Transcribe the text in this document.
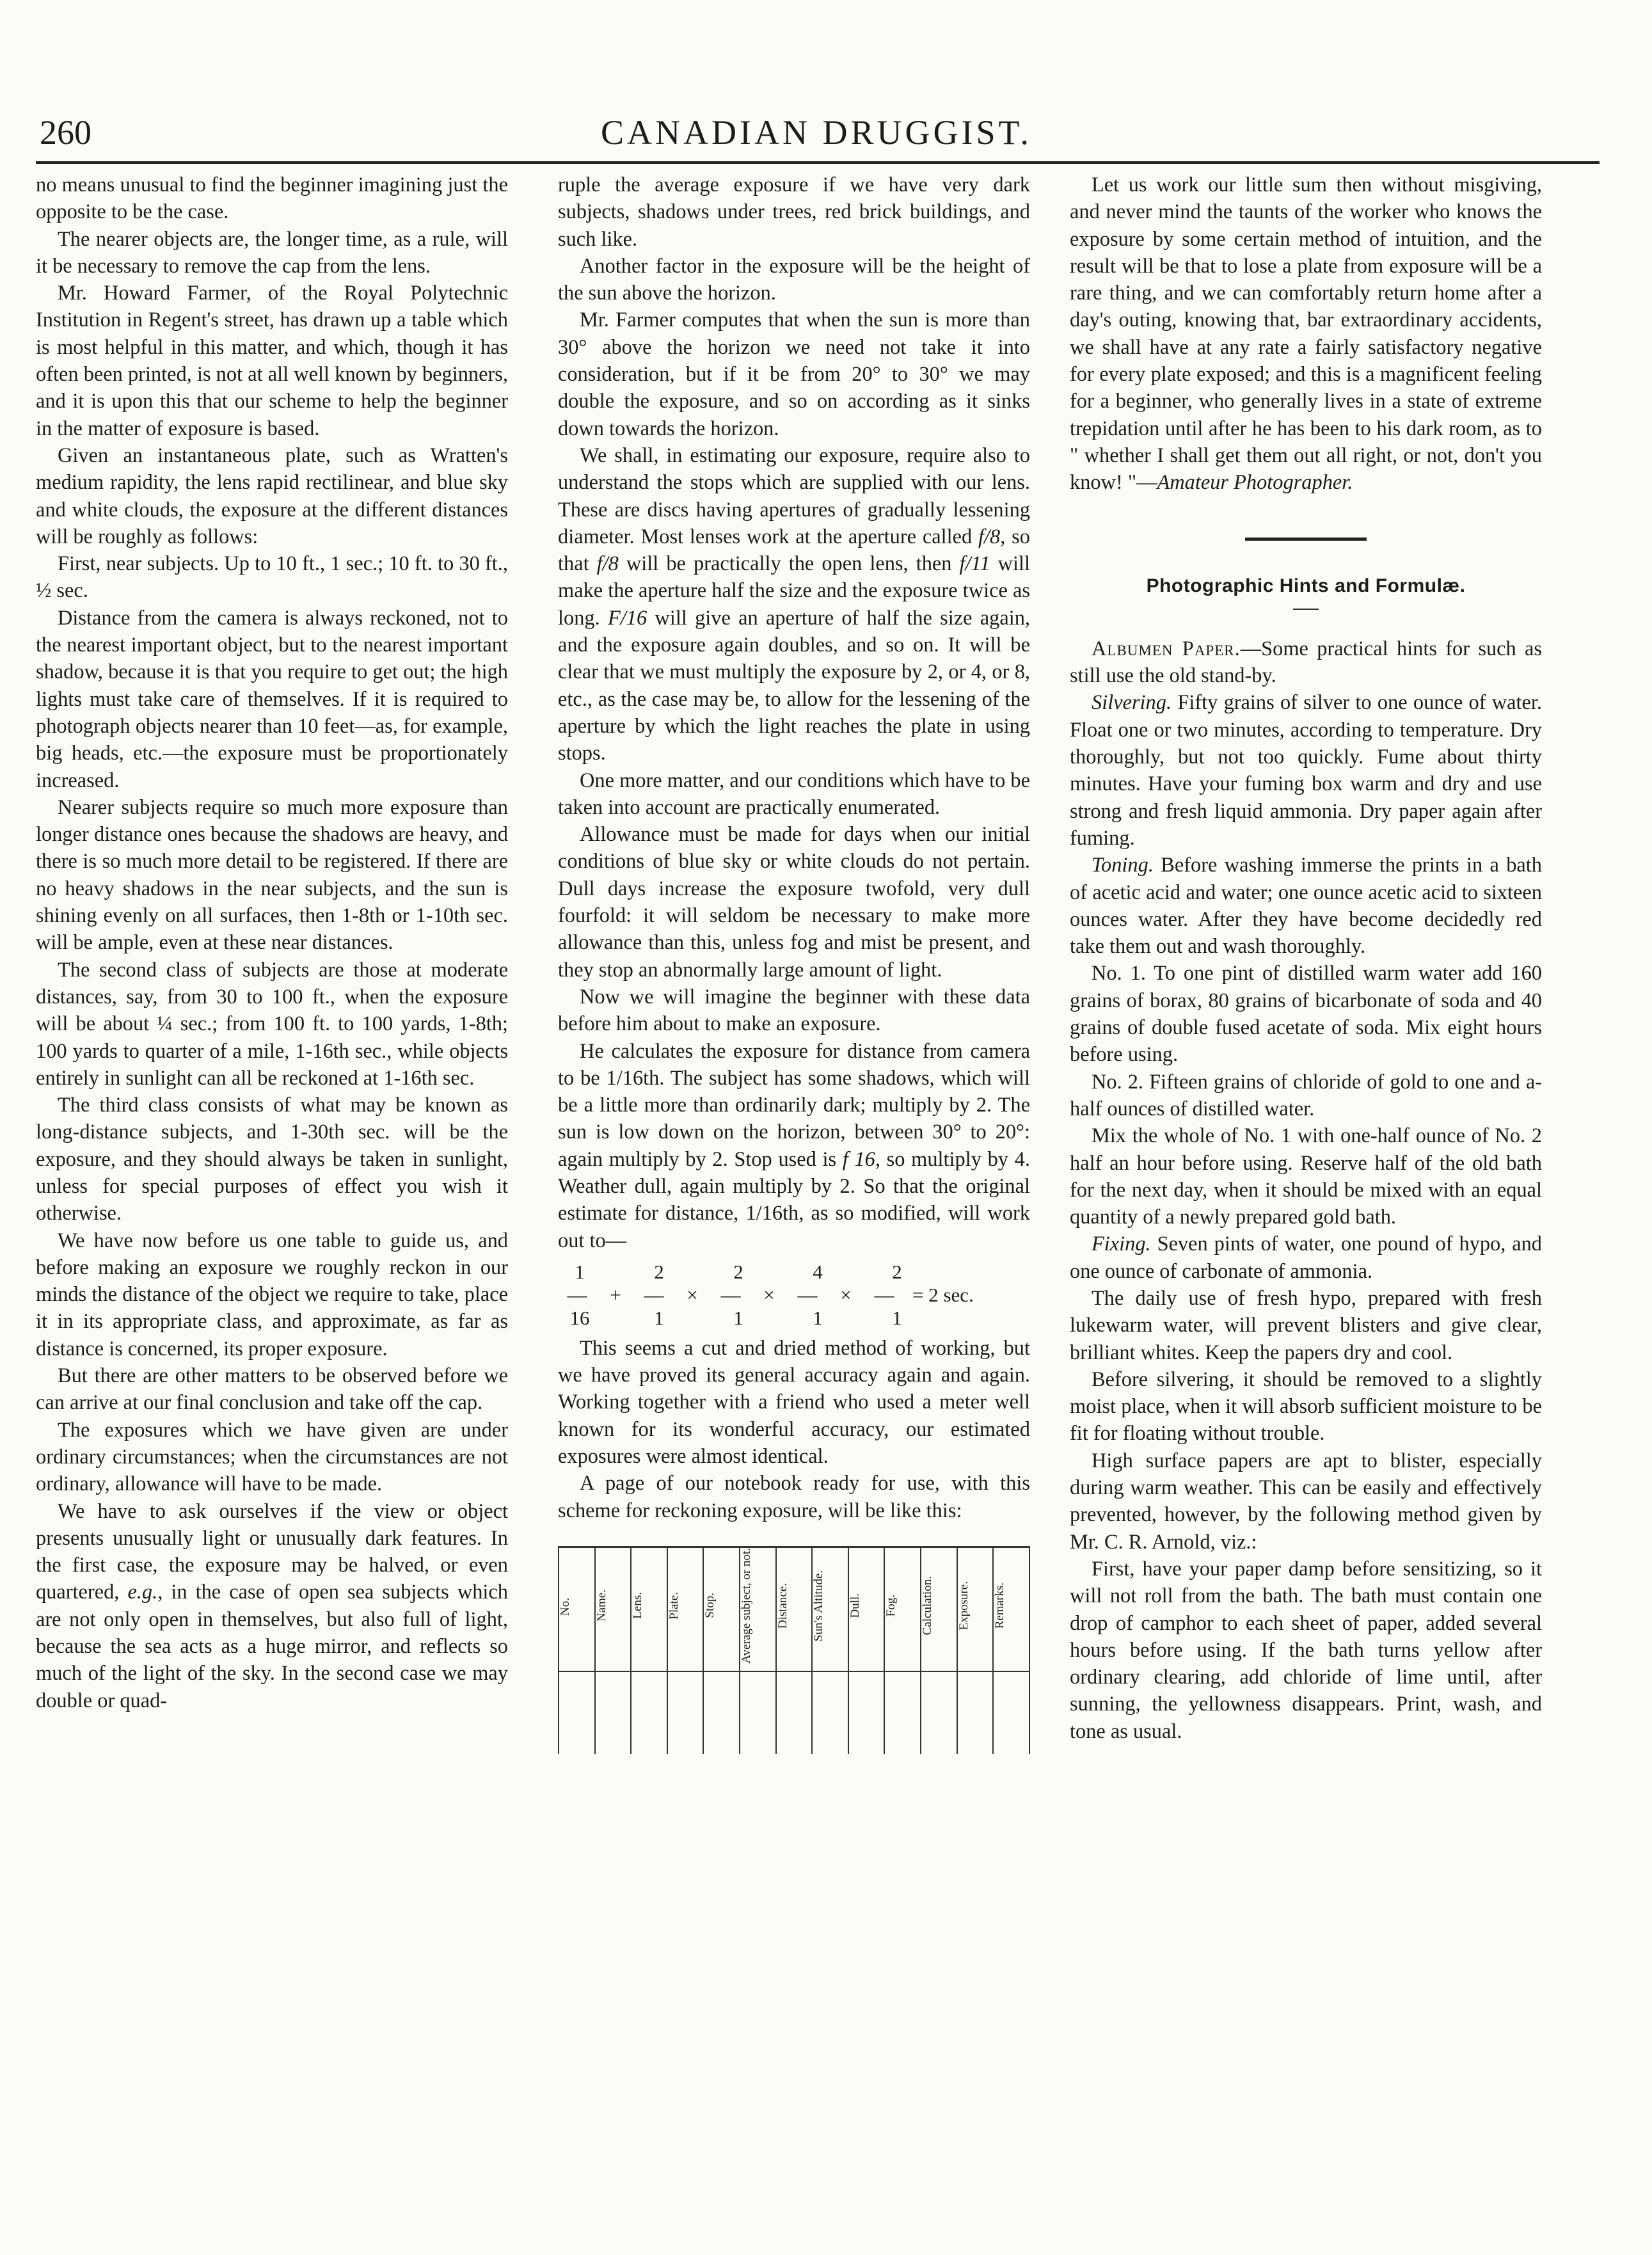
260	CANADIAN DRUGGIST.

no means unusual to find the beginner imagining just the opposite to be the case.

The nearer objects are, the longer time, as a rule, will it be necessary to remove the cap from the lens.

Mr. Howard Farmer, of the Royal Polytechnic Institution in Regent's street, has drawn up a table which is most helpful in this matter, and which, though it has often been printed, is not at all well known by beginners, and it is upon this that our scheme to help the beginner in the matter of exposure is based.

Given an instantaneous plate, such as Wratten's medium rapidity, the lens rapid rectilinear, and blue sky and white clouds, the exposure at the different distances will be roughly as follows:

First, near subjects. Up to 10 ft., 1 sec.; 10 ft. to 30 ft., ½ sec.

Distance from the camera is always reckoned, not to the nearest important object, but to the nearest important shadow, because it is that you require to get out; the high lights must take care of themselves. If it is required to photograph objects nearer than 10 feet—as, for example, big heads, etc.—the exposure must be proportionately increased.

Nearer subjects require so much more exposure than longer distance ones because the shadows are heavy, and there is so much more detail to be registered. If there are no heavy shadows in the near subjects, and the sun is shining evenly on all surfaces, then 1-8th or 1-10th sec. will be ample, even at these near distances.

The second class of subjects are those at moderate distances, say, from 30 to 100 ft., when the exposure will be about ¼ sec.; from 100 ft. to 100 yards, 1-8th; 100 yards to quarter of a mile, 1-16th sec., while objects entirely in sunlight can all be reckoned at 1-16th sec.

The third class consists of what may be known as long-distance subjects, and 1-30th sec. will be the exposure, and they should always be taken in sunlight, unless for special purposes of effect you wish it otherwise.

We have now before us one table to guide us, and before making an exposure we roughly reckon in our minds the distance of the object we require to take, place it in its appropriate class, and approximate, as far as distance is concerned, its proper exposure.

But there are other matters to be observed before we can arrive at our final conclusion and take off the cap.

The exposures which we have given are under ordinary circumstances; when the circumstances are not ordinary, allowance will have to be made.

We have to ask ourselves if the view or object presents unusually light or unusually dark features. In the first case, the exposure may be halved, or even quartered, e.g., in the case of open sea subjects which are not only open in themselves, but also full of light, because the sea acts as a huge mirror, and reflects so much of the light of the sky. In the second case we may double or quad-

ruple the average exposure if we have very dark subjects, shadows under trees, red brick buildings, and such like.

Another factor in the exposure will be the height of the sun above the horizon.

Mr. Farmer computes that when the sun is more than 30° above the horizon we need not take it into consideration, but if it be from 20° to 30° we may double the exposure, and so on according as it sinks down towards the horizon.

We shall, in estimating our exposure, require also to understand the stops which are supplied with our lens. These are discs having apertures of gradually lessening diameter. Most lenses work at the aperture called f/8, so that f/8 will be practically the open lens, then f/11 will make the aperture half the size and the exposure twice as long. F/16 will give an aperture of half the size again, and the exposure again doubles, and so on. It will be clear that we must multiply the exposure by 2, or 4, or 8, etc., as the case may be, to allow for the lessening of the aperture by which the light reaches the plate in using stops.

One more matter, and our conditions which have to be taken into account are practically enumerated.

Allowance must be made for days when our initial conditions of blue sky or white clouds do not pertain. Dull days increase the exposure twofold, very dull fourfold: it will seldom be necessary to make more allowance than this, unless fog and mist be present, and they stop an abnormally large amount of light.

Now we will imagine the beginner with these data before him about to make an exposure.

He calculates the exposure for distance from camera to be 1/16th. The subject has some shadows, which will be a little more than ordinarily dark; multiply by 2. The sun is low down on the horizon, between 30° to 20°: again multiply by 2. Stop used is f 16, so multiply by 4. Weather dull, again multiply by 2. So that the original estimate for distance, 1/16th, as so modified, will work out to—

1	2	2	4	2
—	+	—	×	—	×	—	×	— = 2 sec.
16	1	1	1	1

This seems a cut and dried method of working, but we have proved its general accuracy again and again. Working together with a friend who used a meter well known for its wonderful accuracy, our estimated exposures were almost identical.

A page of our notebook ready for use, with this scheme for reckoning exposure, will be like this:

No.	Name.	Lens.	Plate.	Stop.	Average subject, or not.	Distance.	Sun's Altitude.	Dull.	Fog.	Calculation.	Exposure.	Remarks.

Let us work our little sum then without misgiving, and never mind the taunts of the worker who knows the exposure by some certain method of intuition, and the result will be that to lose a plate from exposure will be a rare thing, and we can comfortably return home after a day's outing, knowing that, bar extraordinary accidents, we shall have at any rate a fairly satisfactory negative for every plate exposed; and this is a magnificent feeling for a beginner, who generally lives in a state of extreme trepidation until after he has been to his dark room, as to " whether I shall get them out all right, or not, don't you know! "—Amateur Photographer.

Photographic Hints and Formulæ.

Albumen Paper.—Some practical hints for such as still use the old stand-by.

Silvering. Fifty grains of silver to one ounce of water. Float one or two minutes, according to temperature. Dry thoroughly, but not too quickly. Fume about thirty minutes. Have your fuming box warm and dry and use strong and fresh liquid ammonia. Dry paper again after fuming.

Toning. Before washing immerse the prints in a bath of acetic acid and water; one ounce acetic acid to sixteen ounces water. After they have become decidedly red take them out and wash thoroughly.

No. 1. To one pint of distilled warm water add 160 grains of borax, 80 grains of bicarbonate of soda and 40 grains of double fused acetate of soda. Mix eight hours before using.

No. 2. Fifteen grains of chloride of gold to one and a-half ounces of distilled water.

Mix the whole of No. 1 with one-half ounce of No. 2 half an hour before using. Reserve half of the old bath for the next day, when it should be mixed with an equal quantity of a newly prepared gold bath.

Fixing. Seven pints of water, one pound of hypo, and one ounce of carbonate of ammonia.

The daily use of fresh hypo, prepared with fresh lukewarm water, will prevent blisters and give clear, brilliant whites. Keep the papers dry and cool.

Before silvering, it should be removed to a slightly moist place, when it will absorb sufficient moisture to be fit for floating without trouble.

High surface papers are apt to blister, especially during warm weather. This can be easily and effectively prevented, however, by the following method given by Mr. C. R. Arnold, viz.:

First, have your paper damp before sensitizing, so it will not roll from the bath. The bath must contain one drop of camphor to each sheet of paper, added several hours before using. If the bath turns yellow after ordinary clearing, add chloride of lime until, after sunning, the yellowness disappears. Print, wash, and tone as usual.
